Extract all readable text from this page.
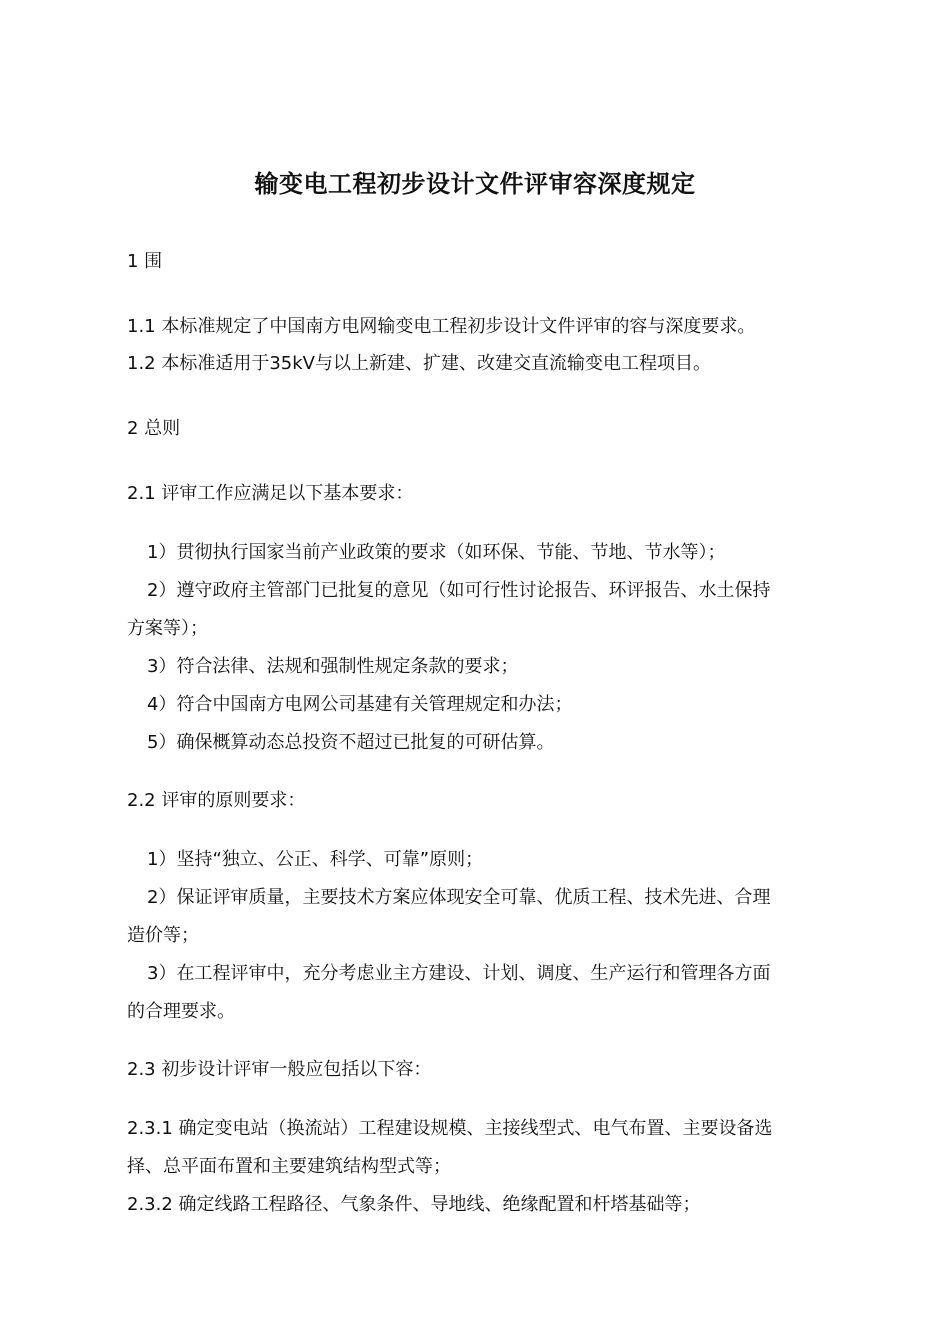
输变电工程初步设计文件评审容深度规定

1 围

1.1 本标准规定了中国南方电网输变电工程初步设计文件评审的容与深度要求。

1.2 本标准适用于35kV与以上新建、扩建、改建交直流输变电工程项目。

2 总则

2.1 评审工作应满足以下基本要求：

1）贯彻执行国家当前产业政策的要求（如环保、节能、节地、节水等）；

2）遵守政府主管部门已批复的意见（如可行性讨论报告、环评报告、水土保持

方案等）；

3）符合法律、法规和强制性规定条款的要求；

4）符合中国南方电网公司基建有关管理规定和办法；

5）确保概算动态总投资不超过已批复的可研估算。

2.2 评审的原则要求：

1）坚持“独立、公正、科学、可靠”原则；

2）保证评审质量，主要技术方案应体现安全可靠、优质工程、技术先进、合理

造价等；

3）在工程评审中，充分考虑业主方建设、计划、调度、生产运行和管理各方面

的合理要求。

2.3 初步设计评审一般应包括以下容：

2.3.1 确定变电站（换流站）工程建设规模、主接线型式、电气布置、主要设备选

择、总平面布置和主要建筑结构型式等；

2.3.2 确定线路工程路径、气象条件、导地线、绝缘配置和杆塔基础等；
